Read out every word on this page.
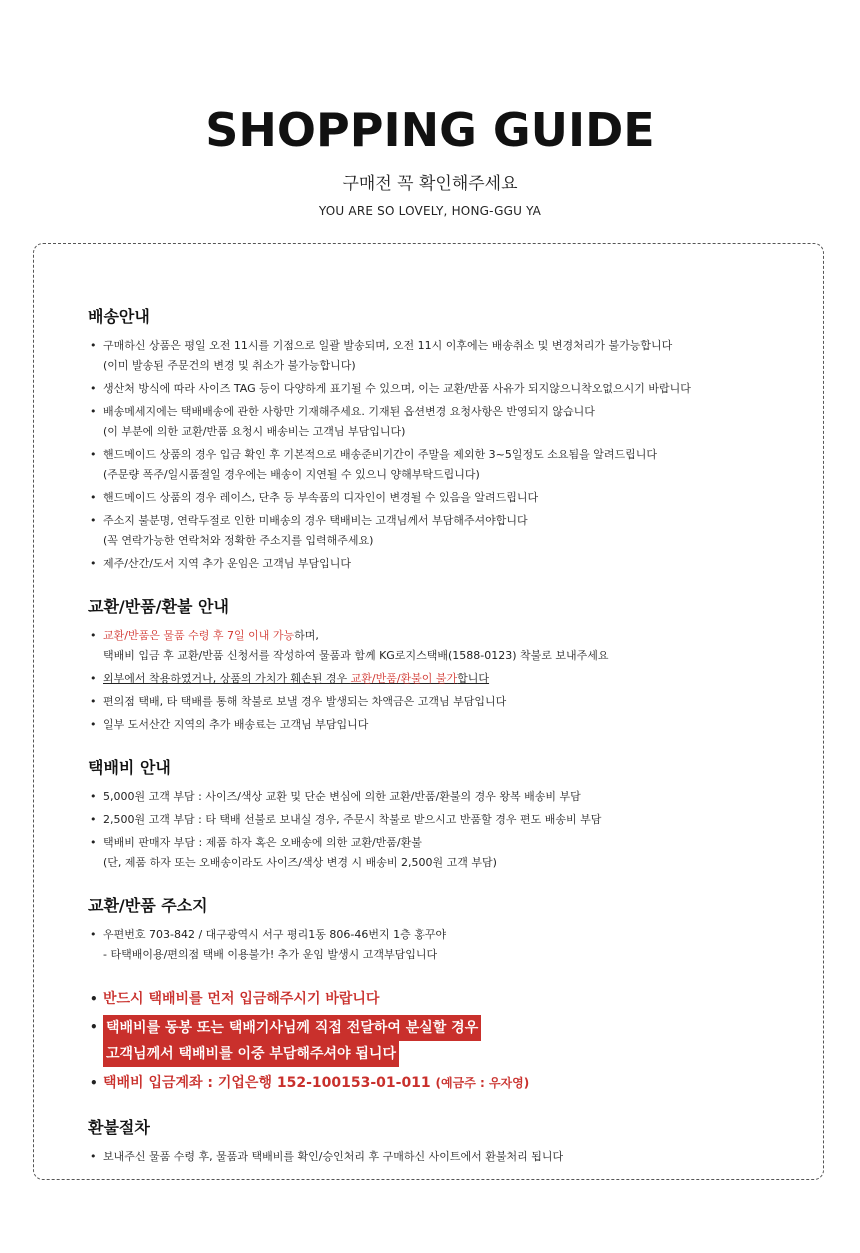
SHOPPING GUIDE
구매전 꼭 확인해주세요
YOU ARE SO LOVELY, HONG-GGU YA
배송안내
• 구매하신 상품은 평일 오전 11시를 기점으로 일괄 발송되며, 오전 11시 이후에는 배송취소 및 변경처리가 불가능합니다
(이미 발송된 주문건의 변경 및 취소가 불가능합니다)
• 생산처 방식에 따라 사이즈 TAG 등이 다양하게 표기될 수 있으며, 이는 교환/반품 사유가 되지않으니착오없으시기 바랍니다
• 배송메세지에는 택배배송에 관한 사항만 기재해주세요. 기재된 옵션변경 요청사항은 반영되지 않습니다
(이 부분에 의한 교환/반품 요청시 배송비는 고객님 부담입니다)
• 핸드메이드 상품의 경우 입금 확인 후 기본적으로 배송준비기간이 주말을 제외한 3~5일정도 소요됨을 알려드립니다
(주문량 폭주/일시품절일 경우에는 배송이 지연될 수 있으니 양해부탁드립니다)
• 핸드메이드 상품의 경우 레이스, 단추 등 부속품의 디자인이 변경될 수 있음을 알려드립니다
• 주소지 불분명, 연락두절로 인한 미배송의 경우 택배비는 고객님께서 부담해주셔야합니다
(꼭 연락가능한 연락처와 정확한 주소지를 입력해주세요)
• 제주/산간/도서 지역 추가 운임은 고객님 부담입니다
교환/반품/환불 안내
• 교환/반품은 물품 수령 후 7일 이내 가능하며,
택배비 입금 후 교환/반품 신청서를 작성하여 물품과 함께 KG로지스택배(1588-0123) 착불로 보내주세요
• 외부에서 착용하였거나, 상품의 가치가 훼손된 경우 교환/반품/환불이 불가합니다
• 편의점 택배, 타 택배를 통해 착불로 보낼 경우 발생되는 차액금은 고객님 부담입니다
• 일부 도서산간 지역의 추가 배송료는 고객님 부담입니다
택배비 안내
• 5,000원 고객 부담 : 사이즈/색상 교환 및 단순 변심에 의한 교환/반품/환불의 경우 왕복 배송비 부담
• 2,500원 고객 부담 : 타 택배 선불로 보내실 경우, 주문시 착불로 받으시고 반품할 경우 편도 배송비 부담
• 택배비 판매자 부담 : 제품 하자 혹은 오배송에 의한 교환/반품/환불
(단, 제품 하자 또는 오배송이라도 사이즈/색상 변경 시 배송비 2,500원 고객 부담)
교환/반품 주소지
• 우편번호 703-842 / 대구광역시 서구 평리1동 806-46번지 1층 홍꾸야
- 타택배이용/편의점 택배 이용불가! 추가 운임 발생시 고객부담입니다
• 반드시 택배비를 먼저 입금해주시기 바랍니다
• 택배비를 동봉 또는 택배기사님께 직접 전달하여 분실할 경우
고객님께서 택배비를 이중 부담해주셔야 됩니다
• 택배비 입금계좌 : 기업은행 152-100153-01-011 (예금주 : 우자영)
환불절차
• 보내주신 물품 수령 후, 물품과 택배비를 확인/승인처리 후 구매하신 사이트에서 환불처리 됩니다
